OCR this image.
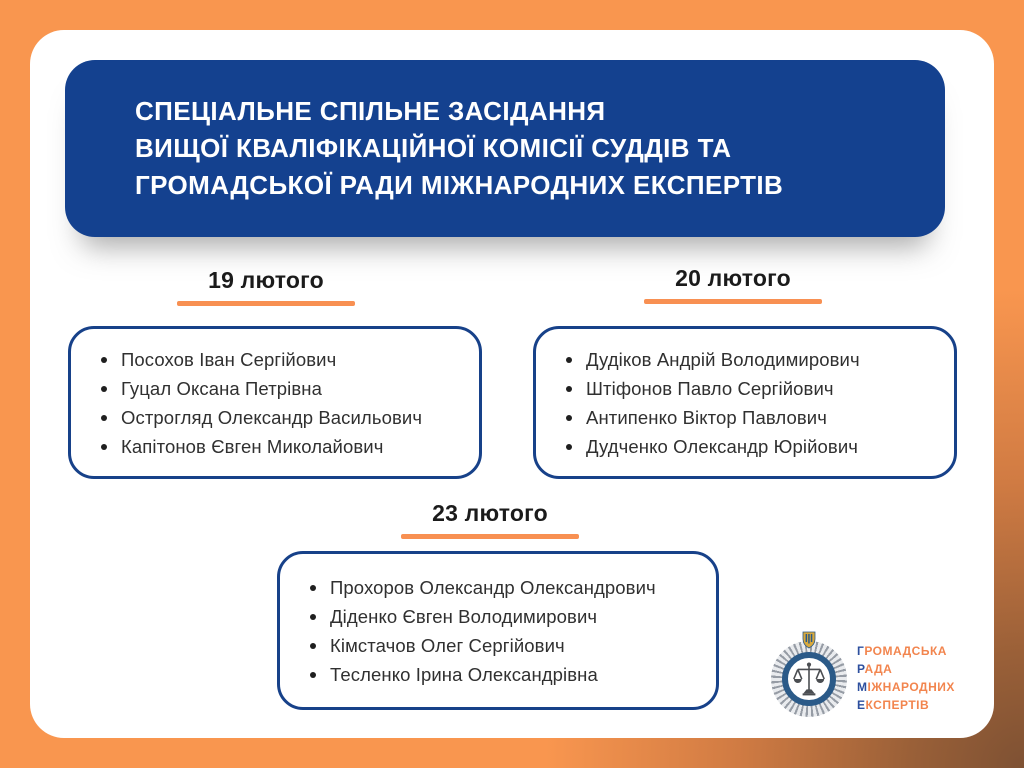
СПЕЦІАЛЬНЕ СПІЛЬНЕ ЗАСІДАННЯ
ВИЩОЇ КВАЛІФІКАЦІЙНОЇ КОМІСІЇ СУДДІВ ТА
ГРОМАДСЬКОЇ РАДИ МІЖНАРОДНИХ ЕКСПЕРТІВ
19 лютого	20 лютого
Посохов Іван Сергійович
Гуцал Оксана Петрівна
Острогляд Олександр Васильович
Капітонов Євген Миколайович
Дудіков Андрій Володимирович
Штіфонов Павло Сергійович
Антипенко Віктор Павлович
Дудченко Олександр Юрійович
23 лютого
Прохоров Олександр Олександрович
Діденко Євген Володимирович
Кімстачов Олег Сергійович
Тесленко Ірина Олександрівна
ГРОМАДСЬКА
РАДА
МІЖНАРОДНИХ
ЕКСПЕРТІВ
